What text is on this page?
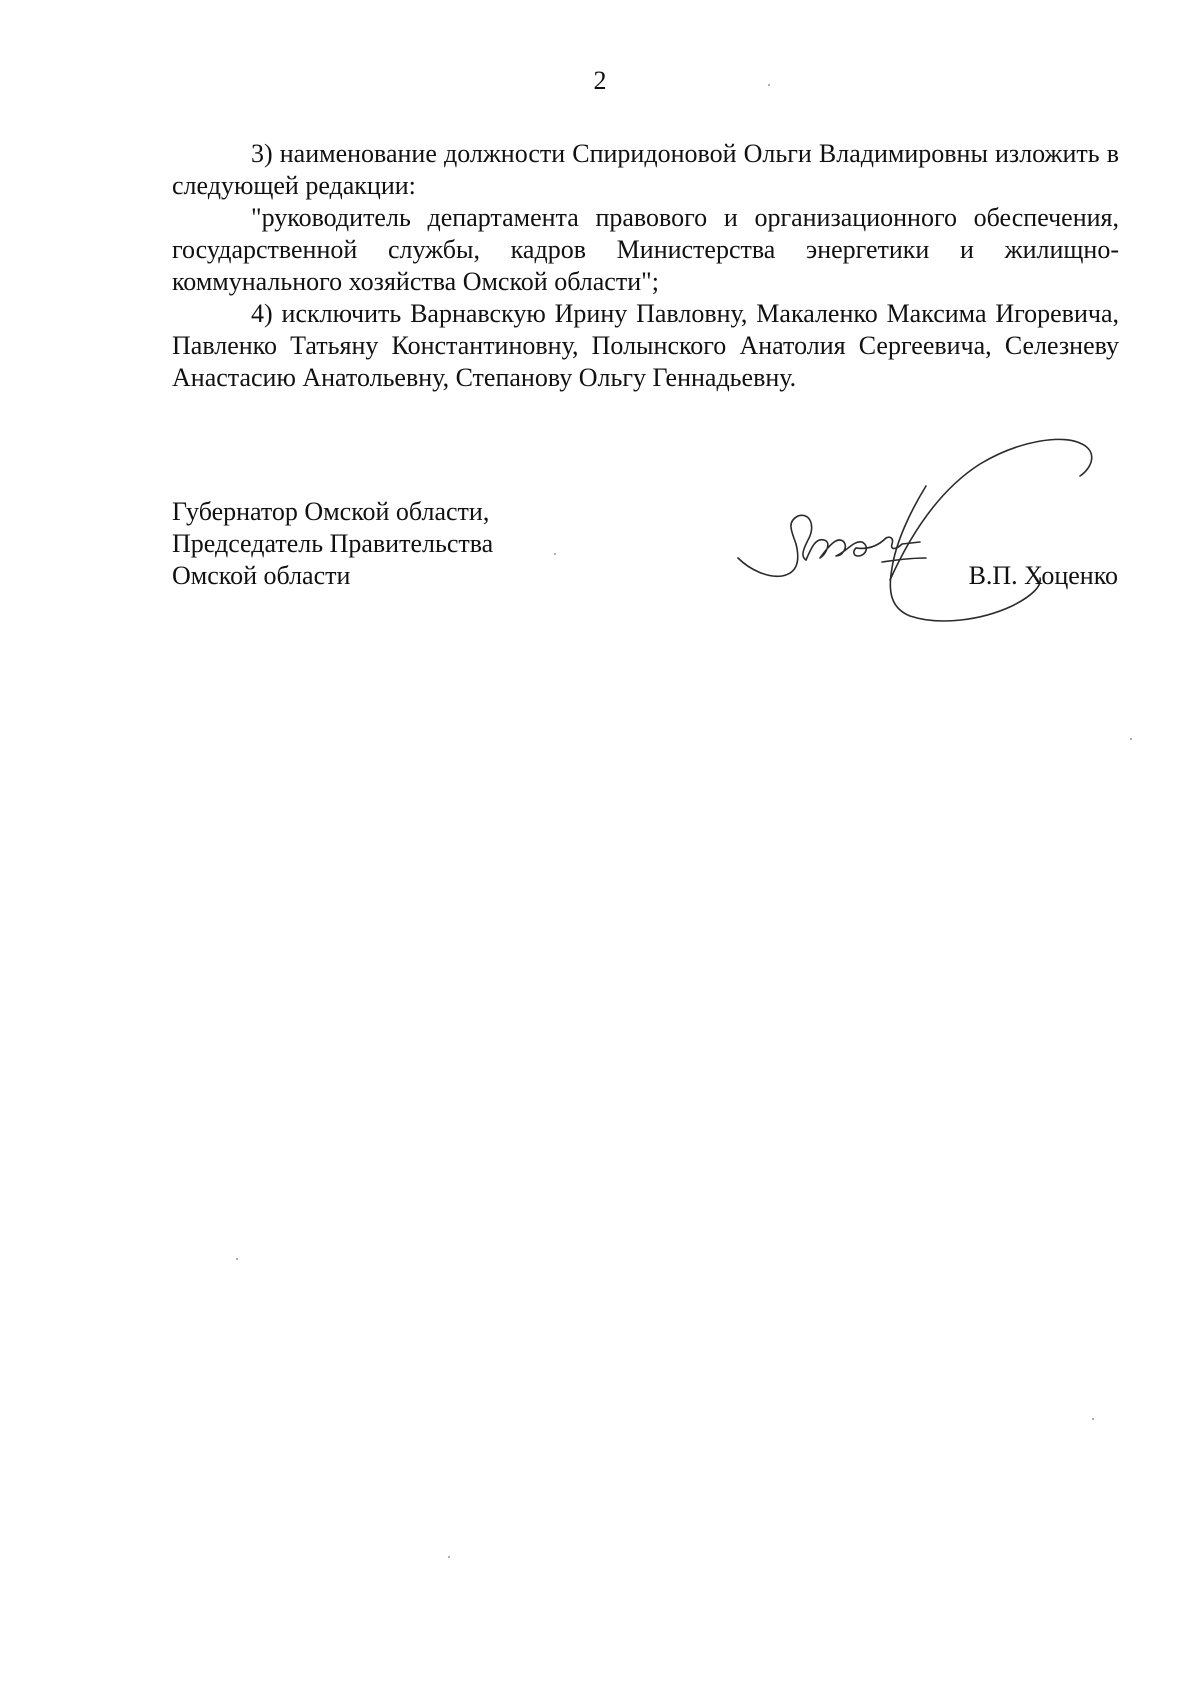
2

3) наименование должности Спиридоновой Ольги Владимировны изложить в следующей редакции:

"руководитель департамента правового и организационного обеспечения, государственной службы, кадров Министерства энергетики и жилищно-коммунального хозяйства Омской области";

4) исключить Варнавскую Ирину Павловну, Макаленко Максима Игоревича, Павленко Татьяну Константиновну, Полынского Анатолия Сергеевича, Селезневу Анастасию Анатольевну, Степанову Ольгу Геннадьевну.

Губернатор Омской области,
Председатель Правительства
Омской области	В.П. Хоценко
